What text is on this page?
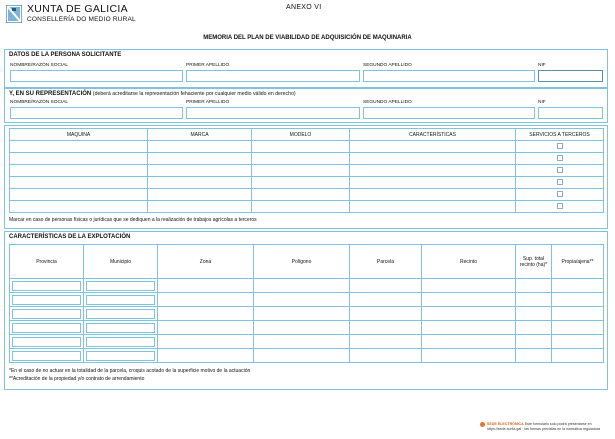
XUNTA DE GALICIA
CONSELLERÍA DO MEDIO RURAL
ANEXO VI
MEMORIA DEL PLAN DE VIABILIDAD DE ADQUISICIÓN DE MAQUINARIA
DATOS DE LA PERSONA SOLICITANTE
NOMBRE/RAZÓN SOCIAL	PRIMER APELLIDO	SEGUNDO APELLIDO	NIF
Y, EN SU REPRESENTACIÓN (deberá acreditarse la representación fehaciente por cualquier medio válido en derecho)
NOMBRE/RAZÓN SOCIAL	PRIMER APELLIDO	SEGUNDO APELLIDO	NIF
MAQUINA	MARCA	MODELO	CARACTERÍSTICAS	SERVICIOS A TERCEROS

Marcar en caso de personas físicas o jurídicas que se dediquen a la realización de trabajos agrícolas a terceros
CARACTERÍSTICAS DE LA EXPLOTACIÓN
Provincia	Municipio	Zona	Polígono	Parcela	Recinto	Sup. total recinto (ha)*	Propia/ajena**

*En el caso de no actuar en la totalidad de la parcela, croquis acotado de la superficie motivo de la actuación
**Acreditación de la propiedad y/o contrato de arrendamiento
SEDE ELECTRÓNICA Este formulario solo podrá presentarse en https://sede.xunta.gal · las formas previstas en la normativa reguladora
